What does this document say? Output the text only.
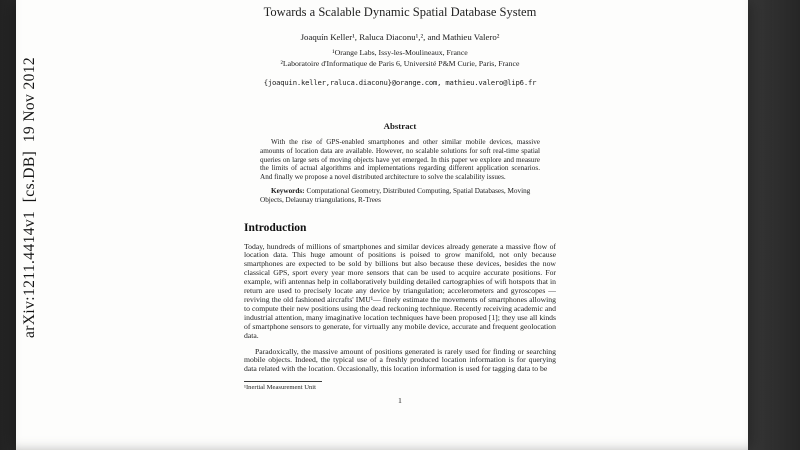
arXiv:1211.4414v1  [cs.DB]  19 Nov 2012
Towards a Scalable Dynamic Spatial Database System
Joaquín Keller¹, Raluca Diaconu¹,², and Mathieu Valero²
¹Orange Labs, Issy-les-Moulineaux, France
²Laboratoire d'Informatique de Paris 6, Université P&M Curie, Paris, France
{joaquin.keller,raluca.diaconu}@orange.com, mathieu.valero@lip6.fr
Abstract

With the rise of GPS-enabled smartphones and other similar mobile devices, massive amounts of location data are available. However, no scalable solutions for soft real-time spatial queries on large sets of moving objects have yet emerged. In this paper we explore and measure the limits of actual algorithms and implementations regarding different application scenarios. And finally we propose a novel distributed architecture to solve the scalability issues.

Keywords: Computational Geometry, Distributed Computing, Spatial Databases, Moving Objects, Delaunay triangulations, R-Trees

Introduction

Today, hundreds of millions of smartphones and similar devices already generate a massive flow of location data. This huge amount of positions is poised to grow manifold, not only because smartphones are expected to be sold by billions but also because these devices, besides the now classical GPS, sport every year more sensors that can be used to acquire accurate positions. For example, wifi antennas help in collaboratively building detailed cartographies of wifi hotspots that in return are used to precisely locate any device by triangulation; accelerometers and gyroscopes — reviving the old fashioned aircrafts' IMU¹— finely estimate the movements of smartphones allowing to compute their new positions using the dead reckoning technique. Recently receiving academic and industrial attention, many imaginative location techniques have been proposed [1]; they use all kinds of smartphone sensors to generate, for virtually any mobile device, accurate and frequent geolocation data.

Paradoxically, the massive amount of positions generated is rarely used for finding or searching mobile objects. Indeed, the typical use of a freshly produced location information is for querying data related with the location. Occasionally, this location information is used for tagging data to be

¹Inertial Measurement Unit
1
